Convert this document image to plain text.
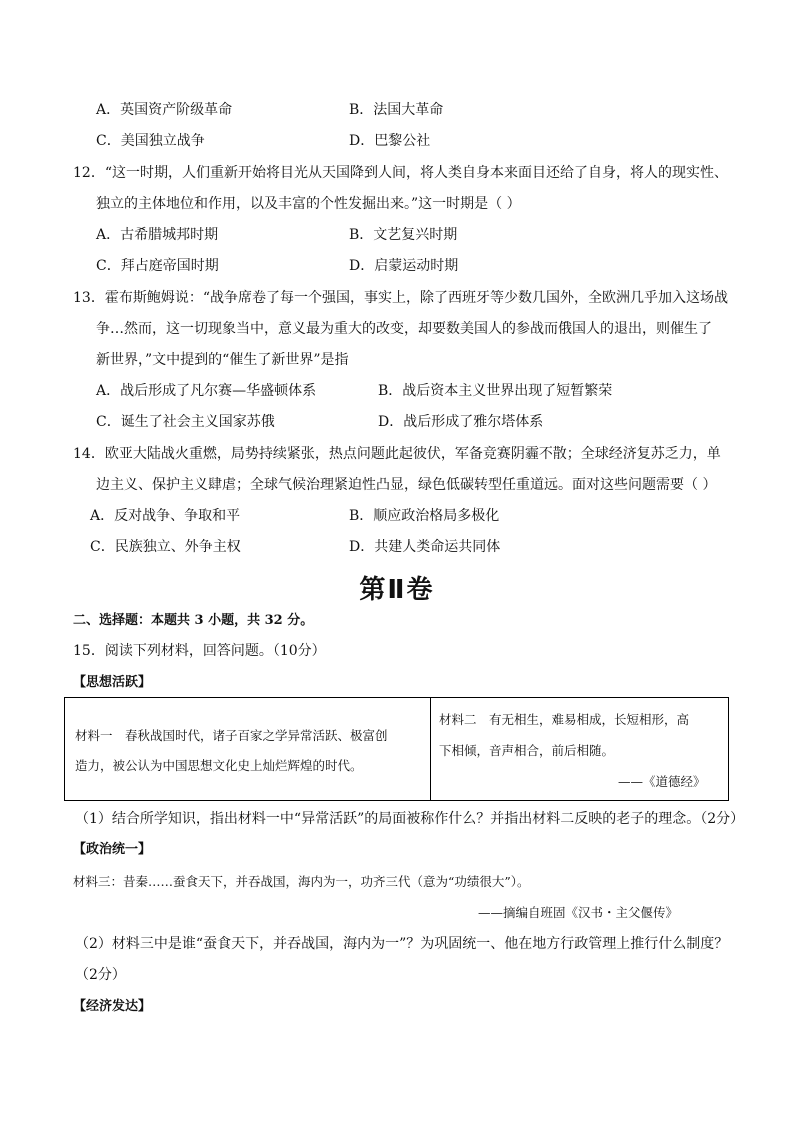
A．英国资产阶级革命	B．法国大革命
C．美国独立战争	D．巴黎公社
12．“这一时期，人们重新开始将目光从天国降到人间，将人类自身本来面目还给了自身，将人的现实性、
独立的主体地位和作用，以及丰富的个性发掘出来。”这一时期是（ ）
A．古希腊城邦时期	B．文艺复兴时期
C．拜占庭帝国时期	D．启蒙运动时期
13．霍布斯鲍姆说：“战争席卷了每一个强国，事实上，除了西班牙等少数几国外，全欧洲几乎加入这场战
争…然而，这一切现象当中，意义最为重大的改变，却要数美国人的参战而俄国人的退出，则催生了
新世界，”文中提到的“催生了新世界”是指
A．战后形成了凡尔赛—华盛顿体系	B．战后资本主义世界出现了短暂繁荣
C．诞生了社会主义国家苏俄	D．战后形成了雅尔塔体系
14．欧亚大陆战火重燃，局势持续紧张，热点问题此起彼伏，军备竞赛阴霾不散；全球经济复苏乏力，单
边主义、保护主义肆虐；全球气候治理紧迫性凸显，绿色低碳转型任重道远。面对这些问题需要（ ）
A．反对战争、争取和平	B．顺应政治格局多极化
C．民族独立、外争主权	D．共建人类命运共同体
第Ⅱ卷
二、选择题：本题共 3 小题，共 32 分。
15．阅读下列材料，回答问题。（10分）
【思想活跃】
材料一　春秋战国时代，诸子百家之学异常活跃、极富创
造力，被公认为中国思想文化史上灿烂辉煌的时代。
材料二　有无相生，难易相成，长短相形，高
下相倾，音声相合，前后相随。
——《道德经》
（1）结合所学知识，指出材料一中“异常活跃”的局面被称作什么？并指出材料二反映的老子的理念。（2分）
【政治统一】
材料三：昔秦……蚕食天下，并吞战国，海内为一，功齐三代（意为“功绩很大”）。
——摘编自班固《汉书・主父偃传》
（2）材料三中是谁“蚕食天下，并吞战国，海内为一”？为巩固统一、他在地方行政管理上推行什么制度？
（2分）
【经济发达】
